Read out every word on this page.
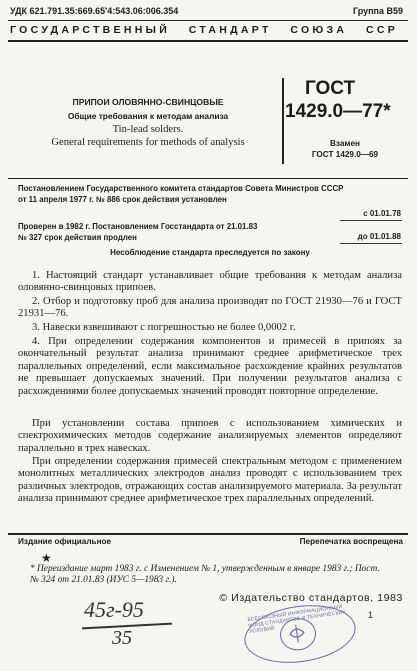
УДК 621.791.35:669.65'4:543.06:006.354	Группа В59
ГОСУДАРСТВЕННЫЙ   СТАНДАРТ   СОЮЗА   ССР
ПРИПОИ ОЛОВЯННО-СВИНЦОВЫЕ
Общие требования к методам анализа
Tin-lead solders.
General requirements for methods of analysis
ГОСТ
1429.0—77*
Взамен
ГОСТ 1429.0—69
Постановлением Государственного комитета стандартов Совета Министров СССР
от 11 апреля 1977 г. № 886 срок действия установлен
с 01.01.78
Проверен в 1982 г. Постановлением Госстандарта от 21.01.83
№ 327 срок действия продлен	до 01.01.88
Несоблюдение стандарта преследуется по закону
1. Настоящий стандарт устанавливает общие требования к методам анализа оловянно-свинцовых припоев.
2. Отбор и подготовку проб для анализа производят по ГОСТ 21930—76 и ГОСТ 21931—76.
3. Навески взвешивают с погрешностью не более 0,0002 г.
4. При определении содержания компонентов и примесей в припоях за окончательный результат анализа принимают среднее арифметическое трех параллельных определений, если максимальное расхождение крайних результатов не превышает допускаемых значений. При получении результатов анализа с расхождениями более допускаемых значений проводят повторное определение.
При установлении состава припоев с использованием химических и спектрохимических методов содержание анализируемых элементов определяют параллельно в трех навесках.
При определении содержания примесей спектральным методом с применением монолитных металлических электродов анализ проводят с использованием трех различных электродов, отражающих состав анализируемого материала. За результат анализа принимают среднее арифметическое трех параллельных определений.
Издание официальное	Перепечатка воспрещена
★
* Переиздание март 1983 г. с Изменением № 1, утвержденным в январе 1983 г.; Пост. № 324 от 21.01.83 (ИУС 5—1983 г.).
© Издательство стандартов, 1983
1
45г-95
35
ВСЕСОЮЗНЫЙ ИНФОРМАЦИОННЫЙ ФОНД СТАНДАРТОВ И ТЕХНИЧЕСКИХ УСЛОВИЙ
